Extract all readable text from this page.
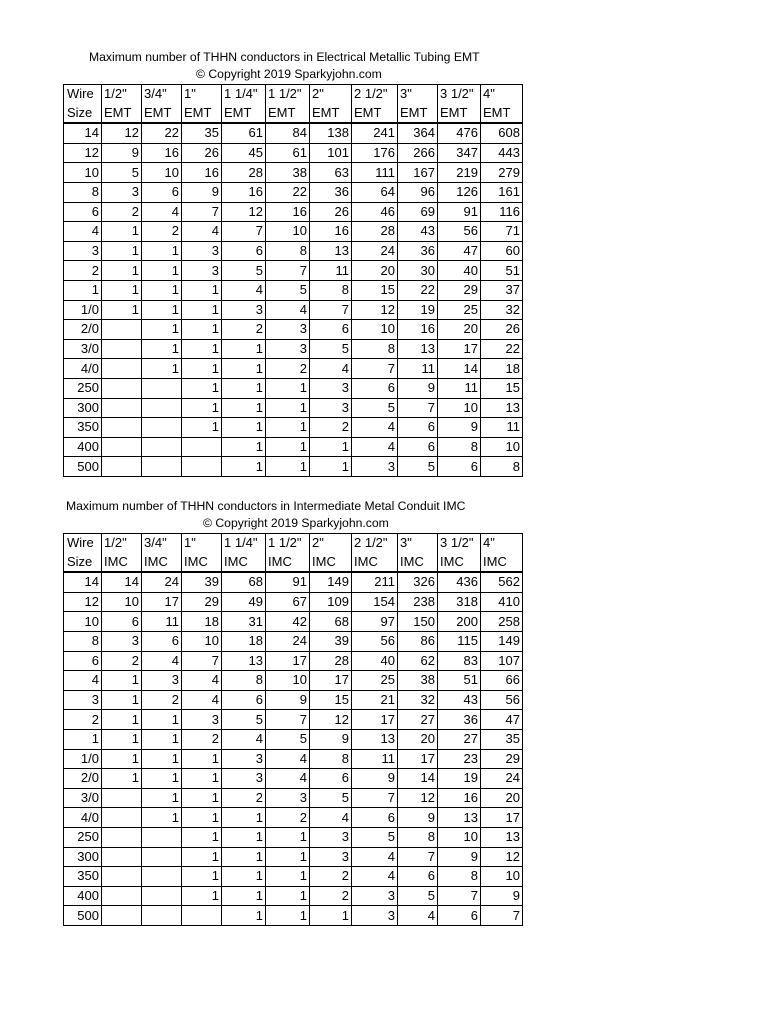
Maximum number of THHN conductors in Electrical Metallic Tubing EMT
© Copyright 2019 Sparkyjohn.com
Wire	1/2"	3/4"	1"	1 1/4"	1 1/2"	2"	2 1/2"	3"	3 1/2"	4"
Size	EMT	EMT	EMT	EMT	EMT	EMT	EMT	EMT	EMT	EMT
14	12	22	35	61	84	138	241	364	476	608
12	9	16	26	45	61	101	176	266	347	443
10	5	10	16	28	38	63	111	167	219	279
8	3	6	9	16	22	36	64	96	126	161
6	2	4	7	12	16	26	46	69	91	116
4	1	2	4	7	10	16	28	43	56	71
3	1	1	3	6	8	13	24	36	47	60
2	1	1	3	5	7	11	20	30	40	51
1	1	1	1	4	5	8	15	22	29	37
1/0	1	1	1	3	4	7	12	19	25	32
2/0		1	1	2	3	6	10	16	20	26
3/0		1	1	1	3	5	8	13	17	22
4/0		1	1	1	2	4	7	11	14	18
250			1	1	1	3	6	9	11	15
300			1	1	1	3	5	7	10	13
350			1	1	1	2	4	6	9	11
400				1	1	1	4	6	8	10
500				1	1	1	3	5	6	8
Maximum number of THHN conductors in Intermediate Metal Conduit IMC
© Copyright 2019 Sparkyjohn.com
Wire	1/2"	3/4"	1"	1 1/4"	1 1/2"	2"	2 1/2"	3"	3 1/2"	4"
Size	IMC	IMC	IMC	IMC	IMC	IMC	IMC	IMC	IMC	IMC
14	14	24	39	68	91	149	211	326	436	562
12	10	17	29	49	67	109	154	238	318	410
10	6	11	18	31	42	68	97	150	200	258
8	3	6	10	18	24	39	56	86	115	149
6	2	4	7	13	17	28	40	62	83	107
4	1	3	4	8	10	17	25	38	51	66
3	1	2	4	6	9	15	21	32	43	56
2	1	1	3	5	7	12	17	27	36	47
1	1	1	2	4	5	9	13	20	27	35
1/0	1	1	1	3	4	8	11	17	23	29
2/0	1	1	1	3	4	6	9	14	19	24
3/0		1	1	2	3	5	7	12	16	20
4/0		1	1	1	2	4	6	9	13	17
250			1	1	1	3	5	8	10	13
300			1	1	1	3	4	7	9	12
350			1	1	1	2	4	6	8	10
400			1	1	1	2	3	5	7	9
500				1	1	1	3	4	6	7
